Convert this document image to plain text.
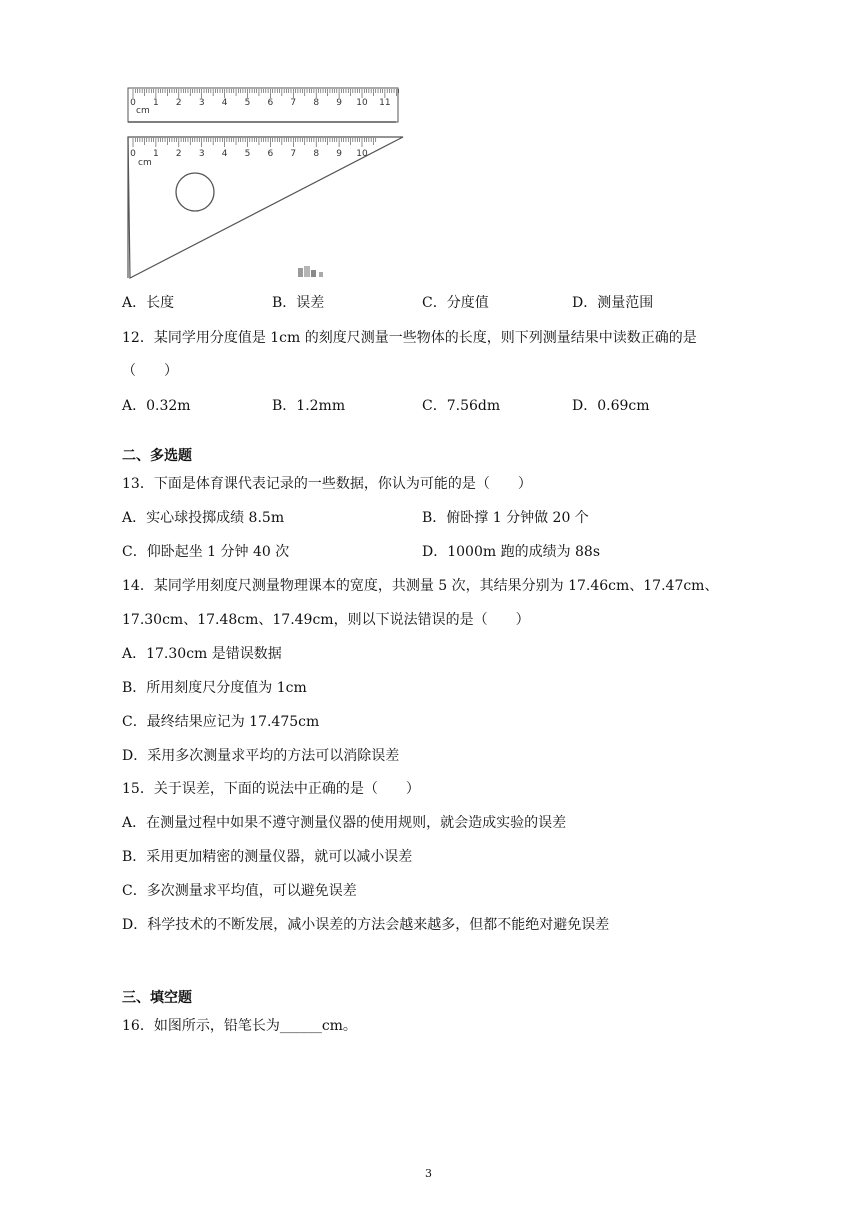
0 1 2 3 4 5 6 7 8 9 10 11
cm
0 1 2 3 4 5 6 7 8 9 10
cm
A．长度	B．误差	C．分度值	D．测量范围
12．某同学用分度值是 1cm 的刻度尺测量一些物体的长度，则下列测量结果中读数正确的是
（　　）
A．0.32m	B．1.2mm	C．7.56dm	D．0.69cm
二、多选题
13．下面是体育课代表记录的一些数据，你认为可能的是（　　）
A．实心球投掷成绩 8.5m	B．俯卧撑 1 分钟做 20 个
C．仰卧起坐 1 分钟 40 次	D．1000m 跑的成绩为 88s
14．某同学用刻度尺测量物理课本的宽度，共测量 5 次，其结果分别为 17.46cm、17.47cm、
17.30cm、17.48cm、17.49cm，则以下说法错误的是（　　）
A．17.30cm 是错误数据
B．所用刻度尺分度值为 1cm
C．最终结果应记为 17.475cm
D．采用多次测量求平均的方法可以消除误差
15．关于误差，下面的说法中正确的是（　　）
A．在测量过程中如果不遵守测量仪器的使用规则，就会造成实验的误差
B．采用更加精密的测量仪器，就可以减小误差
C．多次测量求平均值，可以避免误差
D．科学技术的不断发展，减小误差的方法会越来越多，但都不能绝对避免误差
三、填空题
16．如图所示，铅笔长为______cm。
3
